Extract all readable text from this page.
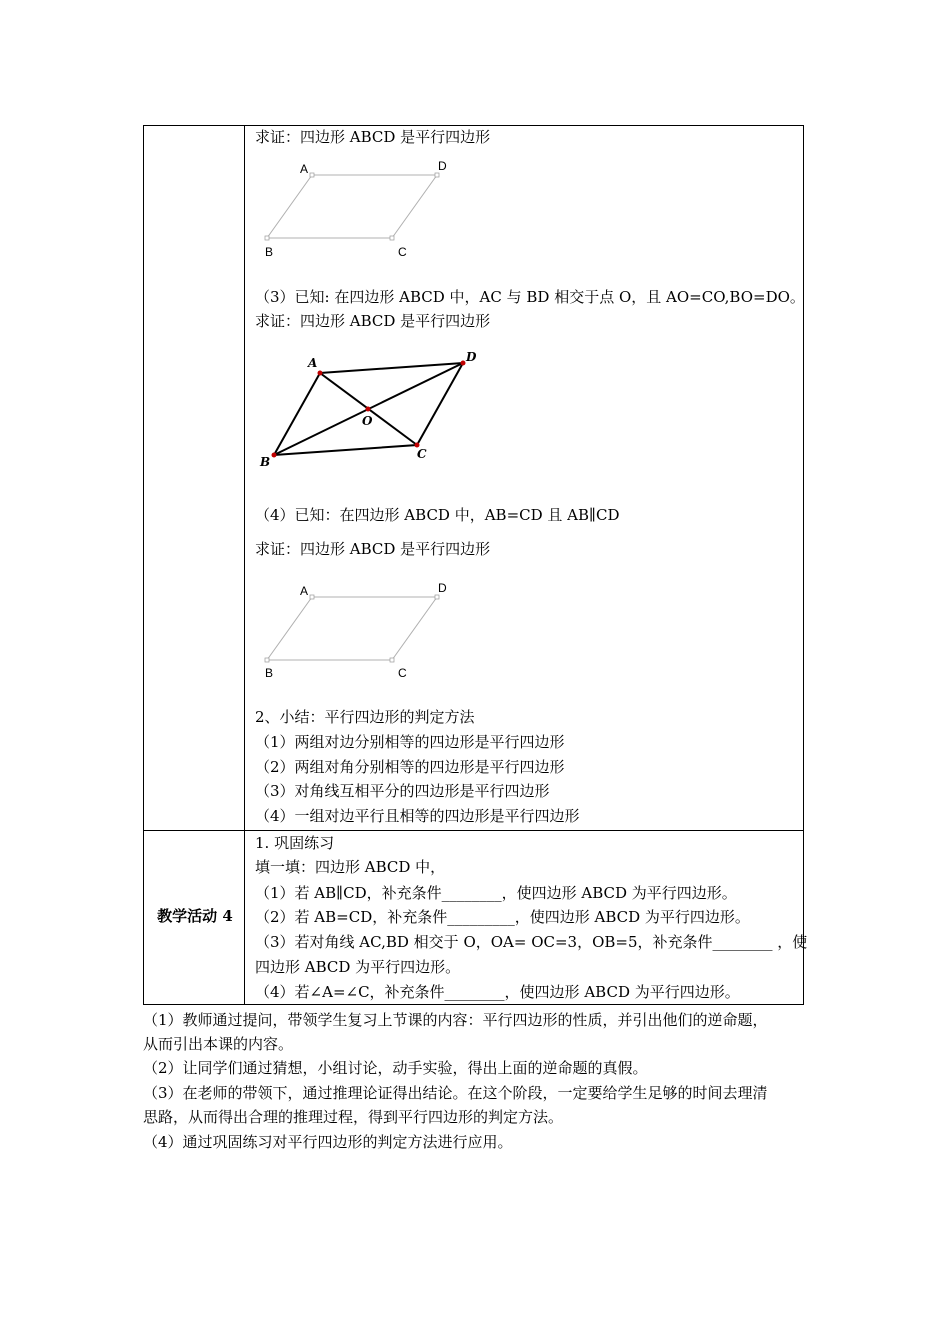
求证：四边形 ABCD 是平行四边形
A	D
B	C
（3）已知: 在四边形 ABCD 中，AC 与 BD 相交于点 O，且 AO=CO,BO=DO。
求证：四边形 ABCD 是平行四边形
A	D
O
B
C
（4）已知：在四边形 ABCD 中，AB=CD 且 AB∥CD
求证：四边形 ABCD 是平行四边形
A	D
B	C
2、小结：平行四边形的判定方法
（1）两组对边分别相等的四边形是平行四边形
（2）两组对角分别相等的四边形是平行四边形
（3）对角线互相平分的四边形是平行四边形
（4）一组对边平行且相等的四边形是平行四边形
教学活动 4
1. 巩固练习
填一填：四边形 ABCD 中，
（1）若 AB∥CD，补充条件________，使四边形 ABCD 为平行四边形。
（2）若 AB=CD，补充条件_________，使四边形 ABCD 为平行四边形。
（3）若对角线 AC,BD 相交于 O，OA= OC=3，OB=5，补充条件________ ，使
四边形 ABCD 为平行四边形。
（4）若∠A=∠C，补充条件________，使四边形 ABCD 为平行四边形。
（1）教师通过提问，带领学生复习上节课的内容：平行四边形的性质，并引出他们的逆命题，
从而引出本课的内容。
（2）让同学们通过猜想，小组讨论，动手实验，得出上面的逆命题的真假。
（3）在老师的带领下，通过推理论证得出结论。在这个阶段，一定要给学生足够的时间去理清
思路，从而得出合理的推理过程，得到平行四边形的判定方法。
（4）通过巩固练习对平行四边形的判定方法进行应用。
